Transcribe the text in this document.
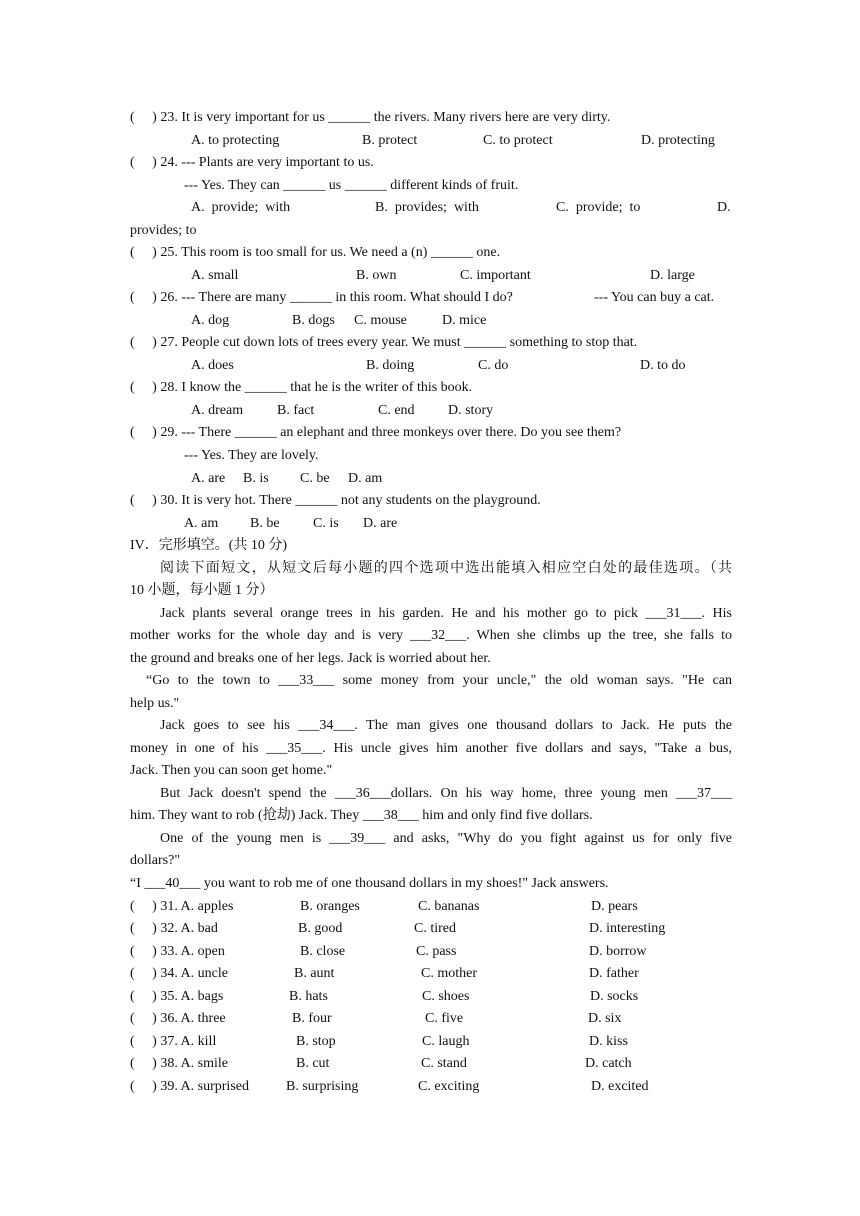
(     ) 23. It is very important for us ______ the rivers. Many rivers here are very dirty.
A. to protecting	B. protect	C. to protect	D. protecting
(     ) 24. --- Plants are very important to us.
--- Yes. They can ______ us ______ different kinds of fruit.
A.  provide;  with	B.  provides;  with	C.  provide;  to	D.
provides; to
(     ) 25. This room is too small for us. We need a (n) ______ one.
A. small	B. own	C. important	D. large
(     ) 26. --- There are many ______ in this room. What should I do?	--- You can buy a cat.
A. dog	B. dogs C. mouse	D. mice
(     ) 27. People cut down lots of trees every year. We must ______ something to stop that.
A. does	B. doing	C. do	D. to do
(     ) 28. I know the ______ that he is the writer of this book.
A. dream B. fact	C. end D. story
(     ) 29. --- There ______ an elephant and three monkeys over there. Do you see them?
--- Yes. They are lovely.
A. are B. is C. be D. am
(     ) 30. It is very hot. There ______ not any students on the playground.
A. am B. be C. is D. are
IV．完形填空。(共 10 分)
阅读下面短文，从短文后每小题的四个选项中选出能填入相应空白处的最佳选项。（共
10 小题，每小题 1 分）
Jack plants several orange trees in his garden. He and his mother go to pick ___31___. His
mother works for the whole day and is very ___32___. When she climbs up the tree, she falls to
the ground and breaks one of her legs. Jack is worried about her.
“Go to the town to ___33___ some money from your uncle," the old woman says. "He can
help us."
Jack goes to see his ___34___. The man gives one thousand dollars to Jack. He puts the
money in one of his ___35___. His uncle gives him another five dollars and says, "Take a bus,
Jack. Then you can soon get home."
But Jack doesn't spend the ___36___dollars. On his way home, three young men ___37___
him. They want to rob (抢劫) Jack. They ___38___ him and only find five dollars.
One of the young men is ___39___ and asks, "Why do you fight against us for only five
dollars?"
“I ___40___ you want to rob me of one thousand dollars in my shoes!" Jack answers.
(     ) 31. A. apples	B. oranges	C. bananas	D. pears
(     ) 32. A. bad	B. good	C. tired	D. interesting
(     ) 33. A. open	B. close	C. pass	D. borrow
(     ) 34. A. uncle	B. aunt	C. mother	D. father
(     ) 35. A. bags	B. hats	C. shoes	D. socks
(     ) 36. A. three	B. four	C. five	D. six
(     ) 37. A. kill	B. stop	C. laugh	D. kiss
(     ) 38. A. smile	B. cut	C. stand	D. catch
(     ) 39. A. surprised	B. surprising	C. exciting	D. excited
